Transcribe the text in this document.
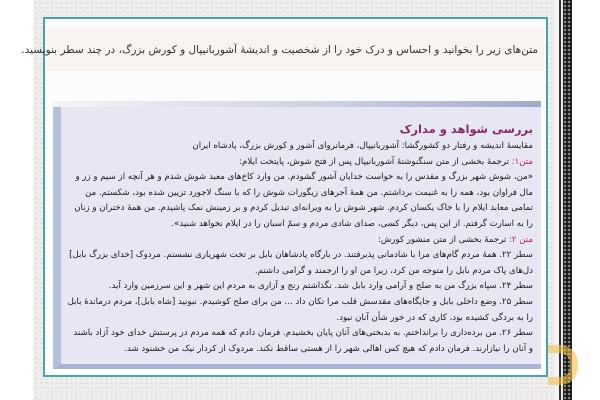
متن‌های زیر را بخوانید و احساس و درک خود را از شخصیت و اندیشهٔ آشوربانیپال و کورش بزرگ، در چند سطر بنویسید.
بررسی شواهد و مدارک
مقایسهٔ اندیشه و رفتار دو کشورگشا: آشوربانیپال، فرمانروای آشور و کورش بزرگ، پادشاه ایران
متن۱: ترجمهٔ بخشی از متن سنگنوشتهٔ آشوربانیپال پس از فتح شوش، پایتخت ایلام:
«من، شوش شهر بزرگ و مقدس را به خواست خدایان آشور گشودم. من وارد کاخ‌های معبد شوش شدم و هر آنچه از سیم و زر و
مال فراوان بود، همه را به غنیمت برداشتم. من همهٔ آجرهای زیگورات شوش را که با سنگ لاجورد تزیین شده بود، شکستم. من
تمامی معابد ایلام را با خاک یکسان کردم. شهر شوش را به ویرانه‌ای تبدیل کردم و بر زمینش نمک پاشیدم. من همهٔ دختران و زنان
را به اسارت گرفتم. از این پس، دیگر کسی، صدای شادی مردم و سمّ اسبان را در ایلام نخواهد شنید».
متن ۲: ترجمهٔ بخشی از متن منشور کورش:
سطر ۲۲. همهٔ مردم گام‌های مرا با شادمانی پذیرفتند. در بارگاه پادشاهان بابل بر تخت شهریاری نشستم. مردوک [خدای بزرگ بابل]
دل‌های پاک مردم بابل را متوجه من کرد، زیرا من او را ارجمند و گرامی داشتم.
سطر ۲۴. سپاه بزرگ من به صلح و آرامی وارد بابل شد. نگذاشتم رنج و آزاری به مردم این شهر و این سرزمین وارد آید.
سطر ۲۵. وضع داخلی بابل و جایگاه‌های مقدسش قلب مرا تکان داد ... من برای صلح کوشیدم. نبونید [شاه بابل]، مردم درماندهٔ بابل
را به بردگی کشیده بود، کاری که در خور شأن آنان نبود.
سطر ۲۶. من برده‌داری را برانداختم. به بدبختی‌های آنان پایان بخشیدم. فرمان دادم که همه مردم در پرستش خدای خود آزاد باشند
و آنان را نیازارند. فرمان دادم که هیچ کس اهالی شهر را از هستی ساقط نکند. مردوک از کردار نیک من خشنود شد.
